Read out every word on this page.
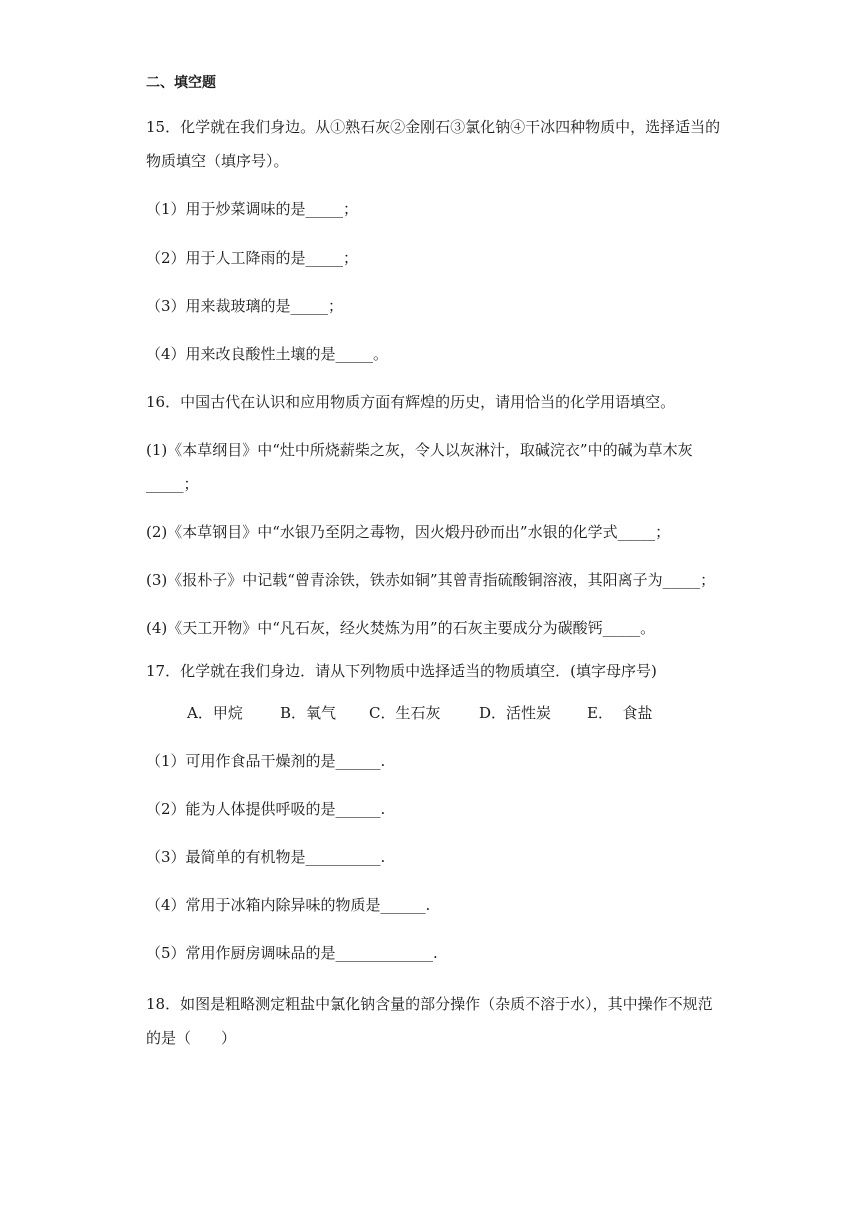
二、填空题
15．化学就在我们身边。从①熟石灰②金刚石③氯化钠④干冰四种物质中，选择适当的
物质填空（填序号）。
（1）用于炒菜调味的是_____；
（2）用于人工降雨的是_____；
（3）用来裁玻璃的是_____；
（4）用来改良酸性土壤的是_____。
16．中国古代在认识和应用物质方面有辉煌的历史，请用恰当的化学用语填空。
(1)《本草纲目》中“灶中所烧薪柴之灰，令人以灰淋汁，取碱浣衣”中的碱为草木灰
_____；
(2)《本草钢目》中“水银乃至阴之毒物，因火煅丹砂而出”水银的化学式_____；
(3)《报朴子》中记载“曾青涂铁，铁赤如铜”其曾青指硫酸铜溶液，其阳离子为_____；
(4)《天工开物》中“凡石灰，经火焚炼为用”的石灰主要成分为碳酸钙_____。
17．化学就在我们身边．请从下列物质中选择适当的物质填空．(填字母序号)
A．甲烷 B．氧气 C．生石灰	D．活性炭 E．  食盐
（1）可用作食品干燥剂的是______.
（2）能为人体提供呼吸的是______.
（3）最简单的有机物是__________.
（4）常用于冰箱内除异味的物质是______.
（5）常用作厨房调味品的是_____________.
18．如图是粗略测定粗盐中氯化钠含量的部分操作（杂质不溶于水），其中操作不规范
的是（　　）
